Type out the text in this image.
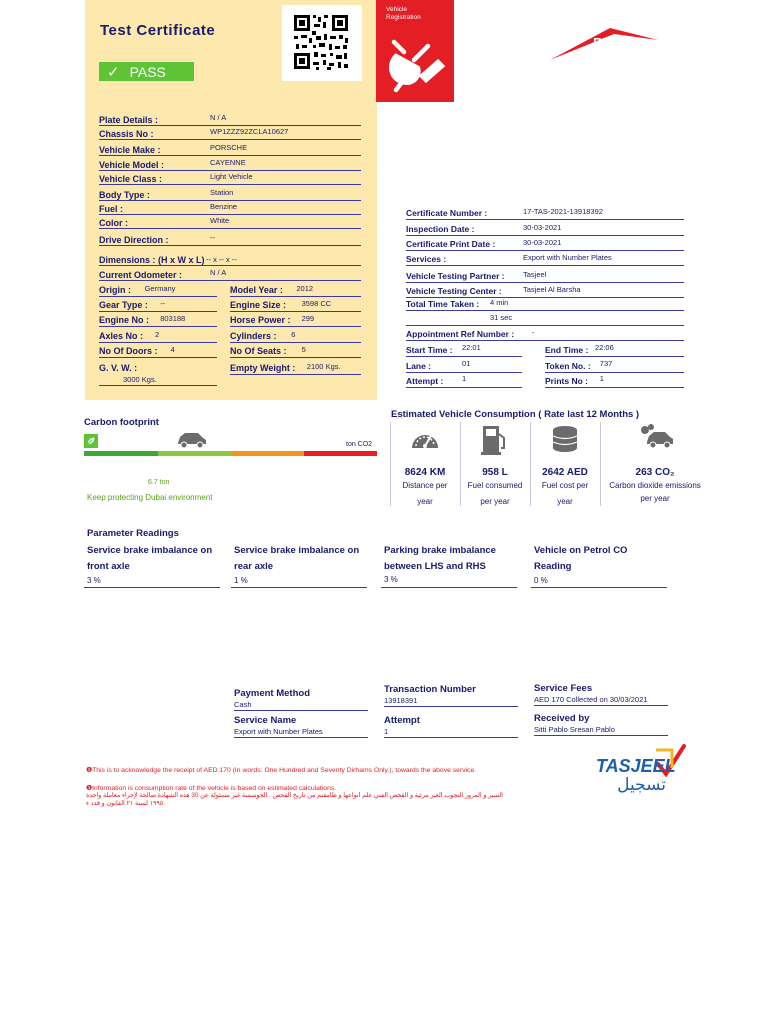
Test Certificate
✓ PASS
Vehicle
Registration
RTA
Plate Details :	N / A
Chassis No :	WP1ZZZ92ZCLA10627
Vehicle Make :	PORSCHE
Vehicle Model :	CAYENNE
Vehicle Class :	Light Vehicle
Body Type :	Station
Fuel :	Benzine
Color :	White
Drive Direction :	--
Dimensions : (H x W x L) -- x -- x --
Current Odometer :	N / A
Origin : Germany	Model Year : 2012
Gear Type : --	Engine Size : 3598 CC
Engine No : 803188	Horse Power : 299
Axles No : 2	Cylinders : 6
No Of Doors : 4	No Of Seats : 5
G. V. W. :
3000 Kgs.
Empty Weight : 2100 Kgs.
Certificate Number :	17-TAS-2021-13918392
Inspection Date :	30-03-2021
Certificate Print Date :	30-03-2021
Services :	Export with Number Plates
Vehicle Testing Partner : Tasjeel
Vehicle Testing Center :	Tasjeel Al Barsha
Total Time Taken : 4 min
31 sec
Appointment Ref Number : -
Start Time : 22:01	End Time : 22:06
Lane :	01	Token No. : 737
Attempt : 1	Prints No : 1
Carbon footprint
ton CO2
6.7 ton
Keep protecting Dubai environment
Estimated Vehicle Consumption ( Rate last 12 Months )
8624 KM
Distance per
year
958 L
Fuel consumed
per year
2642 AED
Fuel cost per
year
263 CO₂
Carbon dioxide emissions
per year
Parameter Readings
Service brake imbalance on
front axle
3 %
Service brake imbalance on
rear axle
1 %
Parking brake imbalance
between LHS and RHS
3 %
Vehicle on Petrol CO
Reading
0 %
Payment Method
Cash
Transaction Number
13918391
Service Fees
AED 170 Collected on 30/03/2021
Service Name
Export with Number Plates
Attempt
1
Received by
Sitti Pablo Sresan Pablo
❶This is to acknowledge the receipt of AED 170 (In words: One Hundred and Seventy Dirhams Only.), towards the above service.
❶Information is consumption rate of the vehicle is based on estimated calculations.
السير و المرور التجوب الغير مرئية و القحص الفني علم أنواعها و ظامقتم من تاريخ الفحص . الجوسسة غير مسئولة عن 30 هذه الشهادة صالحة لإجراء معاملة واحدة
١٩٩٥ لسنة ٢١ القانون و قدد ء
TASJEEL
تسجيل
